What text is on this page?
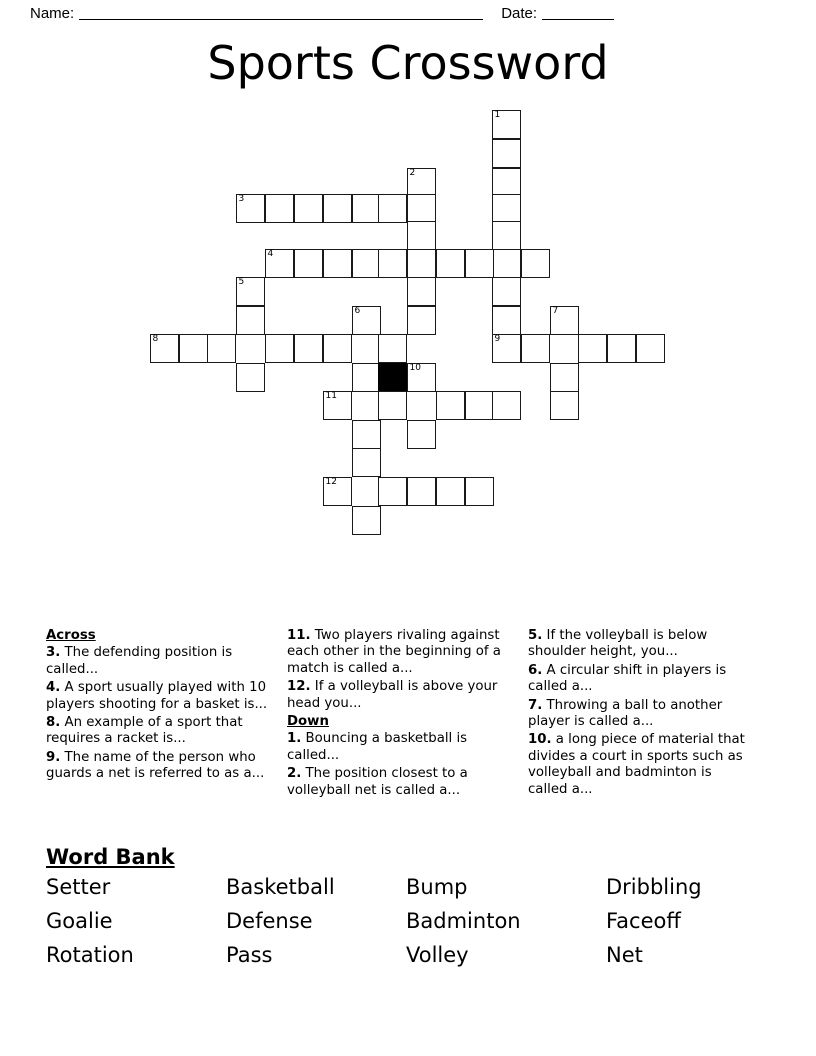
Name:	Date:
Sports Crossword
1
2
3
4
5
6	7
8	9
10
11
12
Across

3. The defending position is called...

4. A sport usually played with 10 players shooting for a basket is...

8. An example of a sport that requires a racket is...

9. The name of the person who guards a net is referred to as a...

11. Two players rivaling against each other in the beginning of a match is called a...

12. If a volleyball is above your head you...

Down

1. Bouncing a basketball is called...

2. The position closest to a volleyball net is called a...

5. If the volleyball is below shoulder height, you...

6. A circular shift in players is called a...

7. Throwing a ball to another player is called a...

10. a long piece of material that divides a court in sports such as volleyball and badminton is called a...

Word Bank
Setter	Basketball	Bump	Dribbling
Goalie	Defense	Badminton	Faceoff
Rotation	Pass	Volley	Net
